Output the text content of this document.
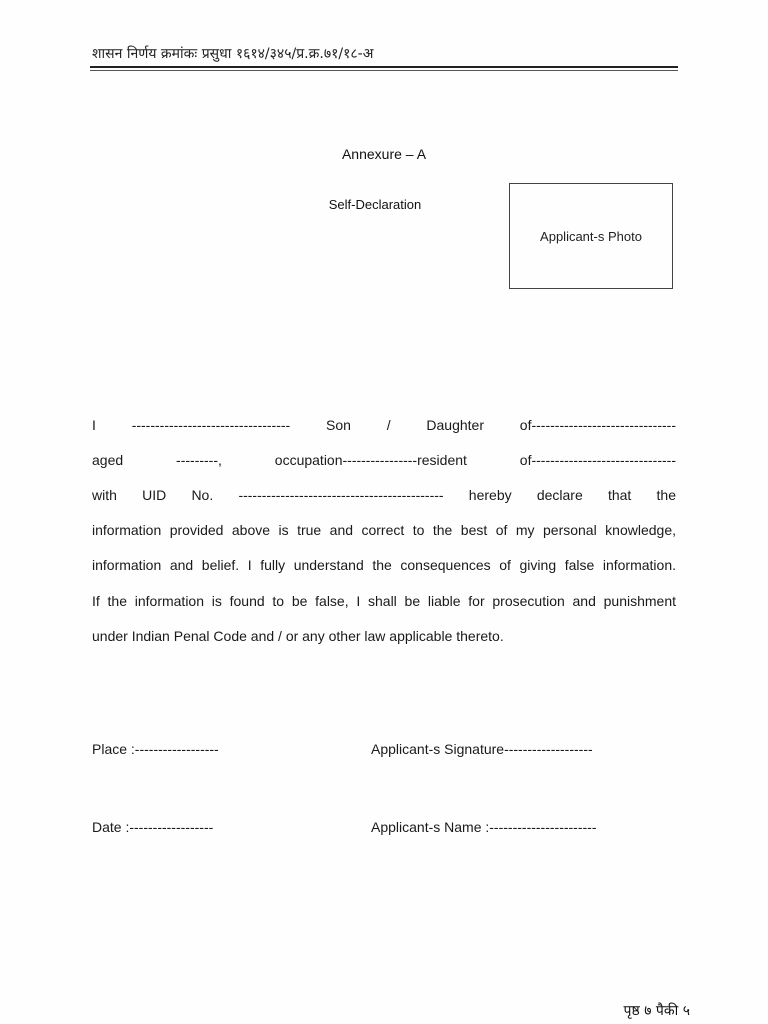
शासन निर्णय क्रमांकः प्रसुधा १६१४/३४५/प्र.क्र.७१/१८-अ
Annexure – A
Self-Declaration
Applicant‐s Photo
I ---------------------------------- Son / Daughter of-------------------------------
aged ---------, occupation----------------resident of-------------------------------
with UID No. -------------------------------------------- hereby declare that the
information provided above is true and correct to the best of my personal knowledge,
information and belief. I fully understand the consequences of giving false information.
If the information is found to be false, I shall be liable for prosecution and punishment
under Indian Penal Code and / or any other law applicable thereto.
Place :------------------	Applicant‐s Signature-------------------
Date :------------------	Applicant‐s Name :-----------------------
पृष्ठ ७ पैकी ५
